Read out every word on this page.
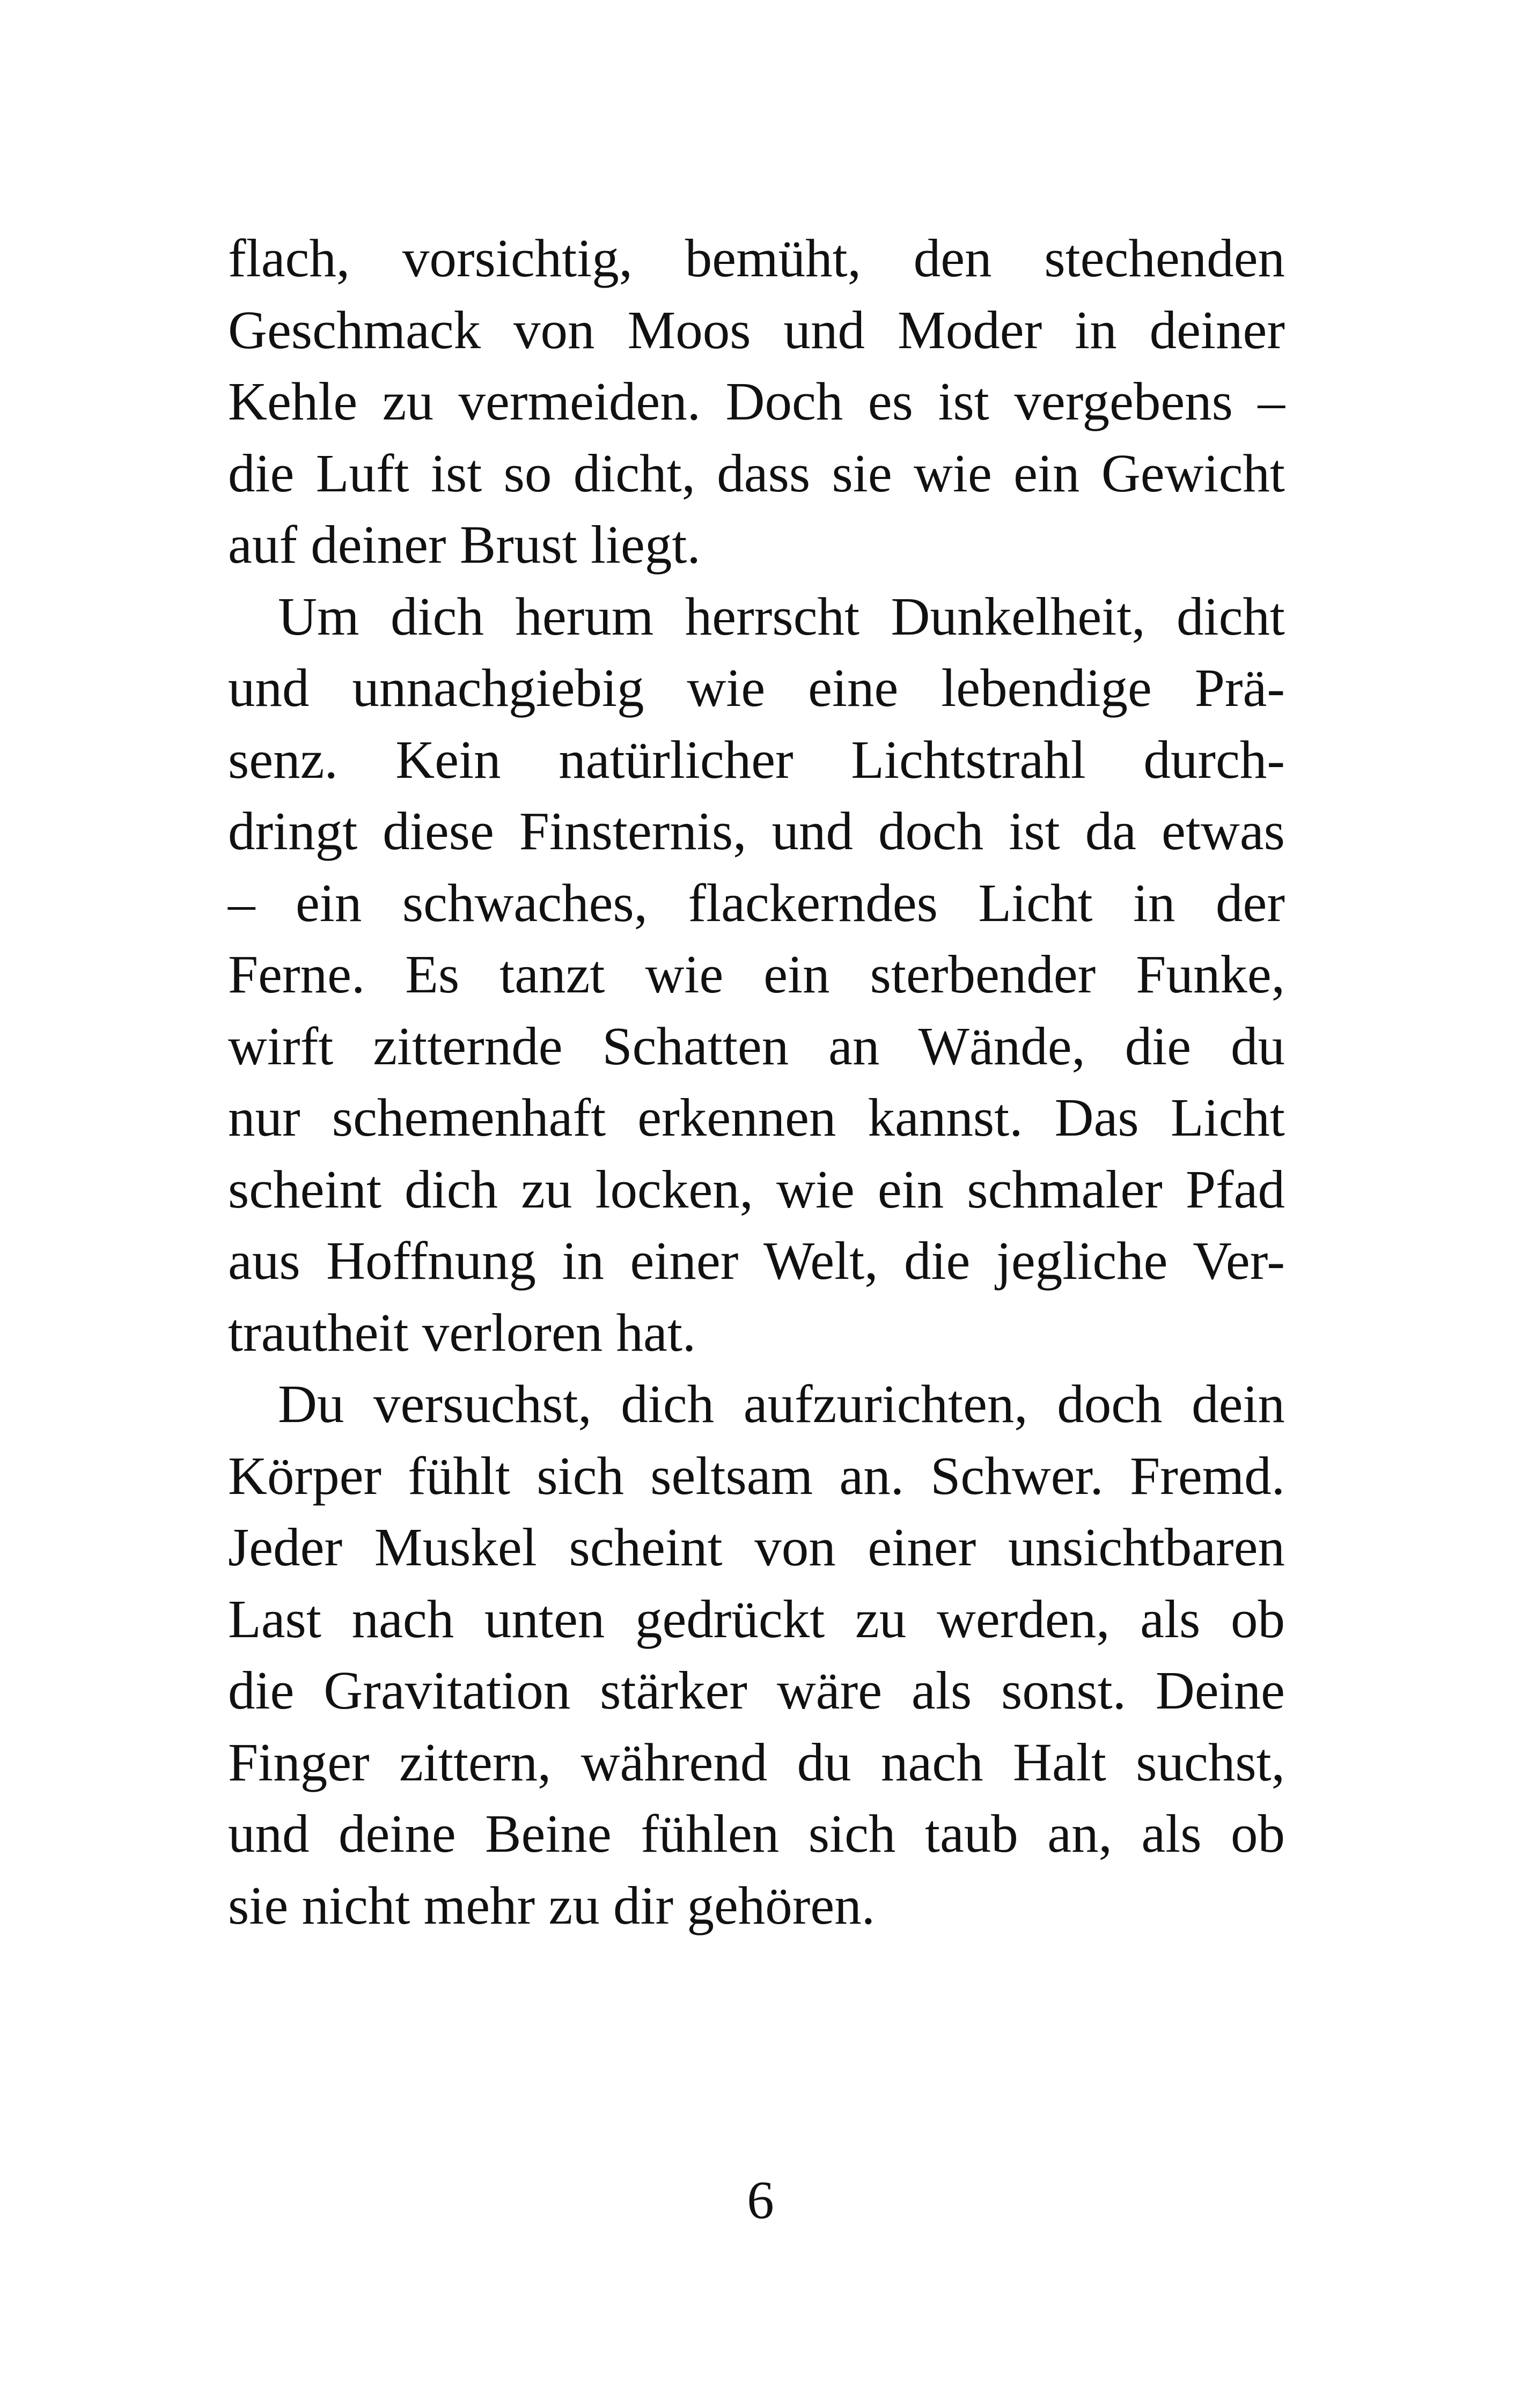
flach, vorsichtig, bemüht, den stechenden
Geschmack von Moos und Moder in deiner
Kehle zu vermeiden. Doch es ist vergebens –
die Luft ist so dicht, dass sie wie ein Gewicht
auf deiner Brust liegt.
Um dich herum herrscht Dunkelheit, dicht
und unnachgiebig wie eine lebendige Prä-
senz. Kein natürlicher Lichtstrahl durch-
dringt diese Finsternis, und doch ist da etwas
– ein schwaches, flackerndes Licht in der
Ferne. Es tanzt wie ein sterbender Funke,
wirft zitternde Schatten an Wände, die du
nur schemenhaft erkennen kannst. Das Licht
scheint dich zu locken, wie ein schmaler Pfad
aus Hoffnung in einer Welt, die jegliche Ver-
trautheit verloren hat.
Du versuchst, dich aufzurichten, doch dein
Körper fühlt sich seltsam an. Schwer. Fremd.
Jeder Muskel scheint von einer unsichtbaren
Last nach unten gedrückt zu werden, als ob
die Gravitation stärker wäre als sonst. Deine
Finger zittern, während du nach Halt suchst,
und deine Beine fühlen sich taub an, als ob
sie nicht mehr zu dir gehören.
6
